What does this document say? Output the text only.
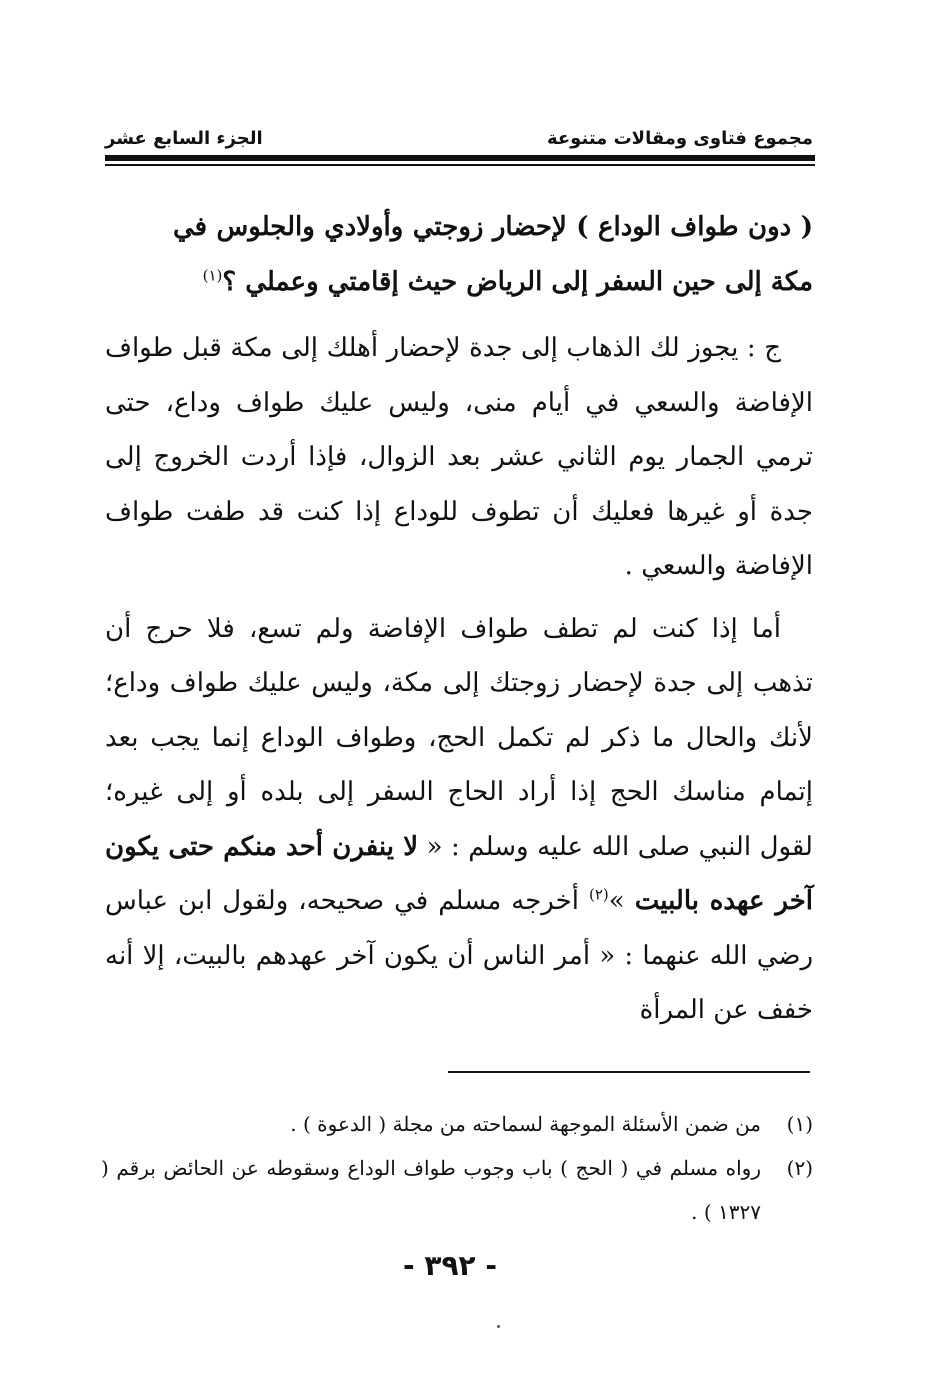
مجموع فتاوى ومقالات متنوعة
الجزء السابع عشر

( دون طواف الوداع ) لإحضار زوجتي وأولادي والجلوس في مكة إلى حين السفر إلى الرياض حيث إقامتي وعملي ؟$^{(١)}$

ج : يجوز لك الذهاب إلى جدة لإحضار أهلك إلى مكة قبل طواف الإفاضة والسعي في أيام منى، وليس عليك طواف وداع، حتى ترمي الجمار يوم الثاني عشر بعد الزوال، فإذا أردت الخروج إلى جدة أو غيرها فعليك أن تطوف للوداع إذا كنت قد طفت طواف الإفاضة والسعي .

أما إذا كنت لم تطف طواف الإفاضة ولم تسع، فلا حرج أن تذهب إلى جدة لإحضار زوجتك إلى مكة، وليس عليك طواف وداع؛ لأنك والحال ما ذكر لم تكمل الحج، وطواف الوداع إنما يجب بعد إتمام مناسك الحج إذا أراد الحاج السفر إلى بلده أو إلى غيره؛ لقول النبي صلى الله عليه وسلم : « لا ينفرن أحد منكم حتى يكون آخر عهده بالبيت »$^{(٢)}$ أخرجه مسلم في صحيحه، ولقول ابن عباس رضي الله عنهما : « أمر الناس أن يكون آخر عهدهم بالبيت، إلا أنه خفف عن المرأة

(١)
من ضمن الأسئلة الموجهة لسماحته من مجلة ( الدعوة ) .
(٢)
رواه مسلم في ( الحج ) باب وجوب طواف الوداع وسقوطه عن الحائض برقم ( ١٣٢٧ ) .
- ٣٩٢ -
